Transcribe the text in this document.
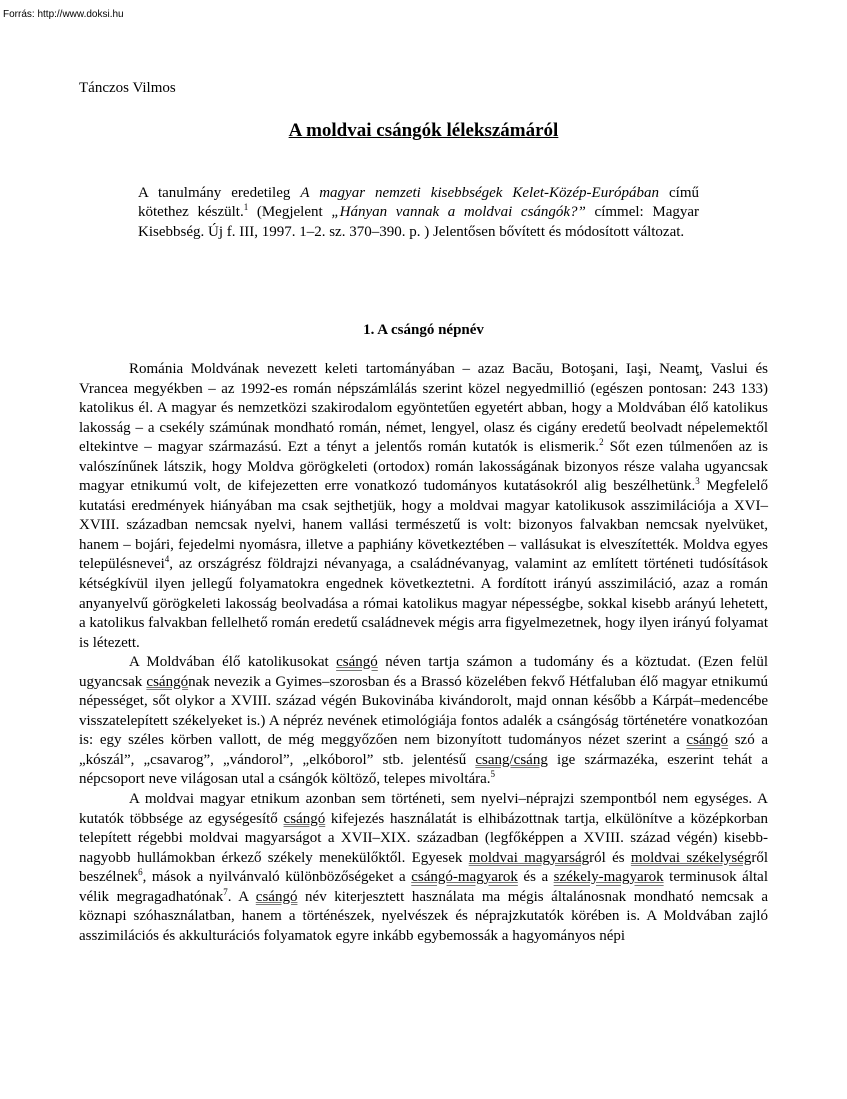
Forrás: http://www.doksi.hu
Tánczos Vilmos
A moldvai csángók lélekszámáról
A tanulmány eredetileg A magyar nemzeti kisebbségek Kelet-Közép-Európában című kötethez készült.$^1$ (Megjelent „Hányan vannak a moldvai csángók?” címmel: Magyar Kisebbség. Új f. III, 1997. 1–2. sz. 370–390. p. ) Jelentősen bővített és módosított változat.
1. A csángó népnév

Románia Moldvának nevezett keleti tartományában – azaz Bacău, Botoşani, Iaşi, Neamţ, Vaslui és Vrancea megyékben – az 1992-es román népszámlálás szerint közel negyedmillió (egészen pontosan: 243 133) katolikus él. A magyar és nemzetközi szakirodalom egyöntetűen egyetért abban, hogy a Moldvában élő katolikus lakosság – a csekély számúnak mondható román, német, lengyel, olasz és cigány eredetű beolvadt népelemektől eltekintve – magyar származású. Ezt a tényt a jelentős román kutatók is elismerik.$^2$ Sőt ezen túlmenően az is valószínűnek látszik, hogy Moldva görögkeleti (ortodox) román lakosságának bizonyos része valaha ugyancsak magyar etnikumú volt, de kifejezetten erre vonatkozó tudományos kutatásokról alig beszélhetünk.$^3$ Megfelelő kutatási eredmények hiányában ma csak sejthetjük, hogy a moldvai magyar katolikusok asszimilációja a XVI–XVIII. században nemcsak nyelvi, hanem vallási természetű is volt: bizonyos falvakban nemcsak nyelvüket, hanem – bojári, fejedelmi nyomásra, illetve a paphiány következtében – vallásukat is elveszítették. Moldva egyes településnevei$^4$, az országrész földrajzi névanyaga, a családnévanyag, valamint az említett történeti tudósítások kétségkívül ilyen jellegű folyamatokra engednek következtetni. A fordított irányú asszimiláció, azaz a román anyanyelvű görögkeleti lakosság beolvadása a római katolikus magyar népességbe, sokkal kisebb arányú lehetett, a katolikus falvakban fellelhető román eredetű családnevek mégis arra figyelmezetnek, hogy ilyen irányú folyamat is létezett.

A Moldvában élő katolikusokat csángó néven tartja számon a tudomány és a köztudat. (Ezen felül ugyancsak csángónak nevezik a Gyimes–szorosban és a Brassó közelében fekvő Hétfaluban élő magyar etnikumú népességet, sőt olykor a XVIII. század végén Bukovinába kivándorolt, majd onnan később a Kárpát–medencébe visszatelepített székelyeket is.) A népréz nevének etimológiája fontos adalék a csángóság történetére vonatkozóan is: egy széles körben vallott, de még meggyőzően nem bizonyított tudományos nézet szerint a csángó szó a „kószál”, „csavarog”, „vándorol”, „elkóborol” stb. jelentésű csang/csáng ige származéka, eszerint tehát a népcsoport neve világosan utal a csángók költöző, telepes mivoltára.$^5$

A moldvai magyar etnikum azonban sem történeti, sem nyelvi–néprajzi szempontból nem egységes. A kutatók többsége az egységesítő csángó kifejezés használatát is elhibázottnak tartja, elkülönítve a középkorban telepített régebbi moldvai magyarságot a XVII–XIX. században (legfőképpen a XVIII. század végén) kisebb-nagyobb hullámokban érkező székely menekülőktől. Egyesek moldvai magyarságról és moldvai székelységről beszélnek$^6$, mások a nyilvánvaló különbözőségeket a csángó-magyarok és a székely-magyarok terminusok által vélik megragadhatónak$^7$. A csángó név kiterjesztett használata ma mégis általánosnak mondható nemcsak a köznapi szóhasználatban, hanem a történészek, nyelvészek és néprajzkutatók körében is. A Moldvában zajló asszimilációs és akkulturációs folyamatok egyre inkább egybemossák a hagyományos népi
